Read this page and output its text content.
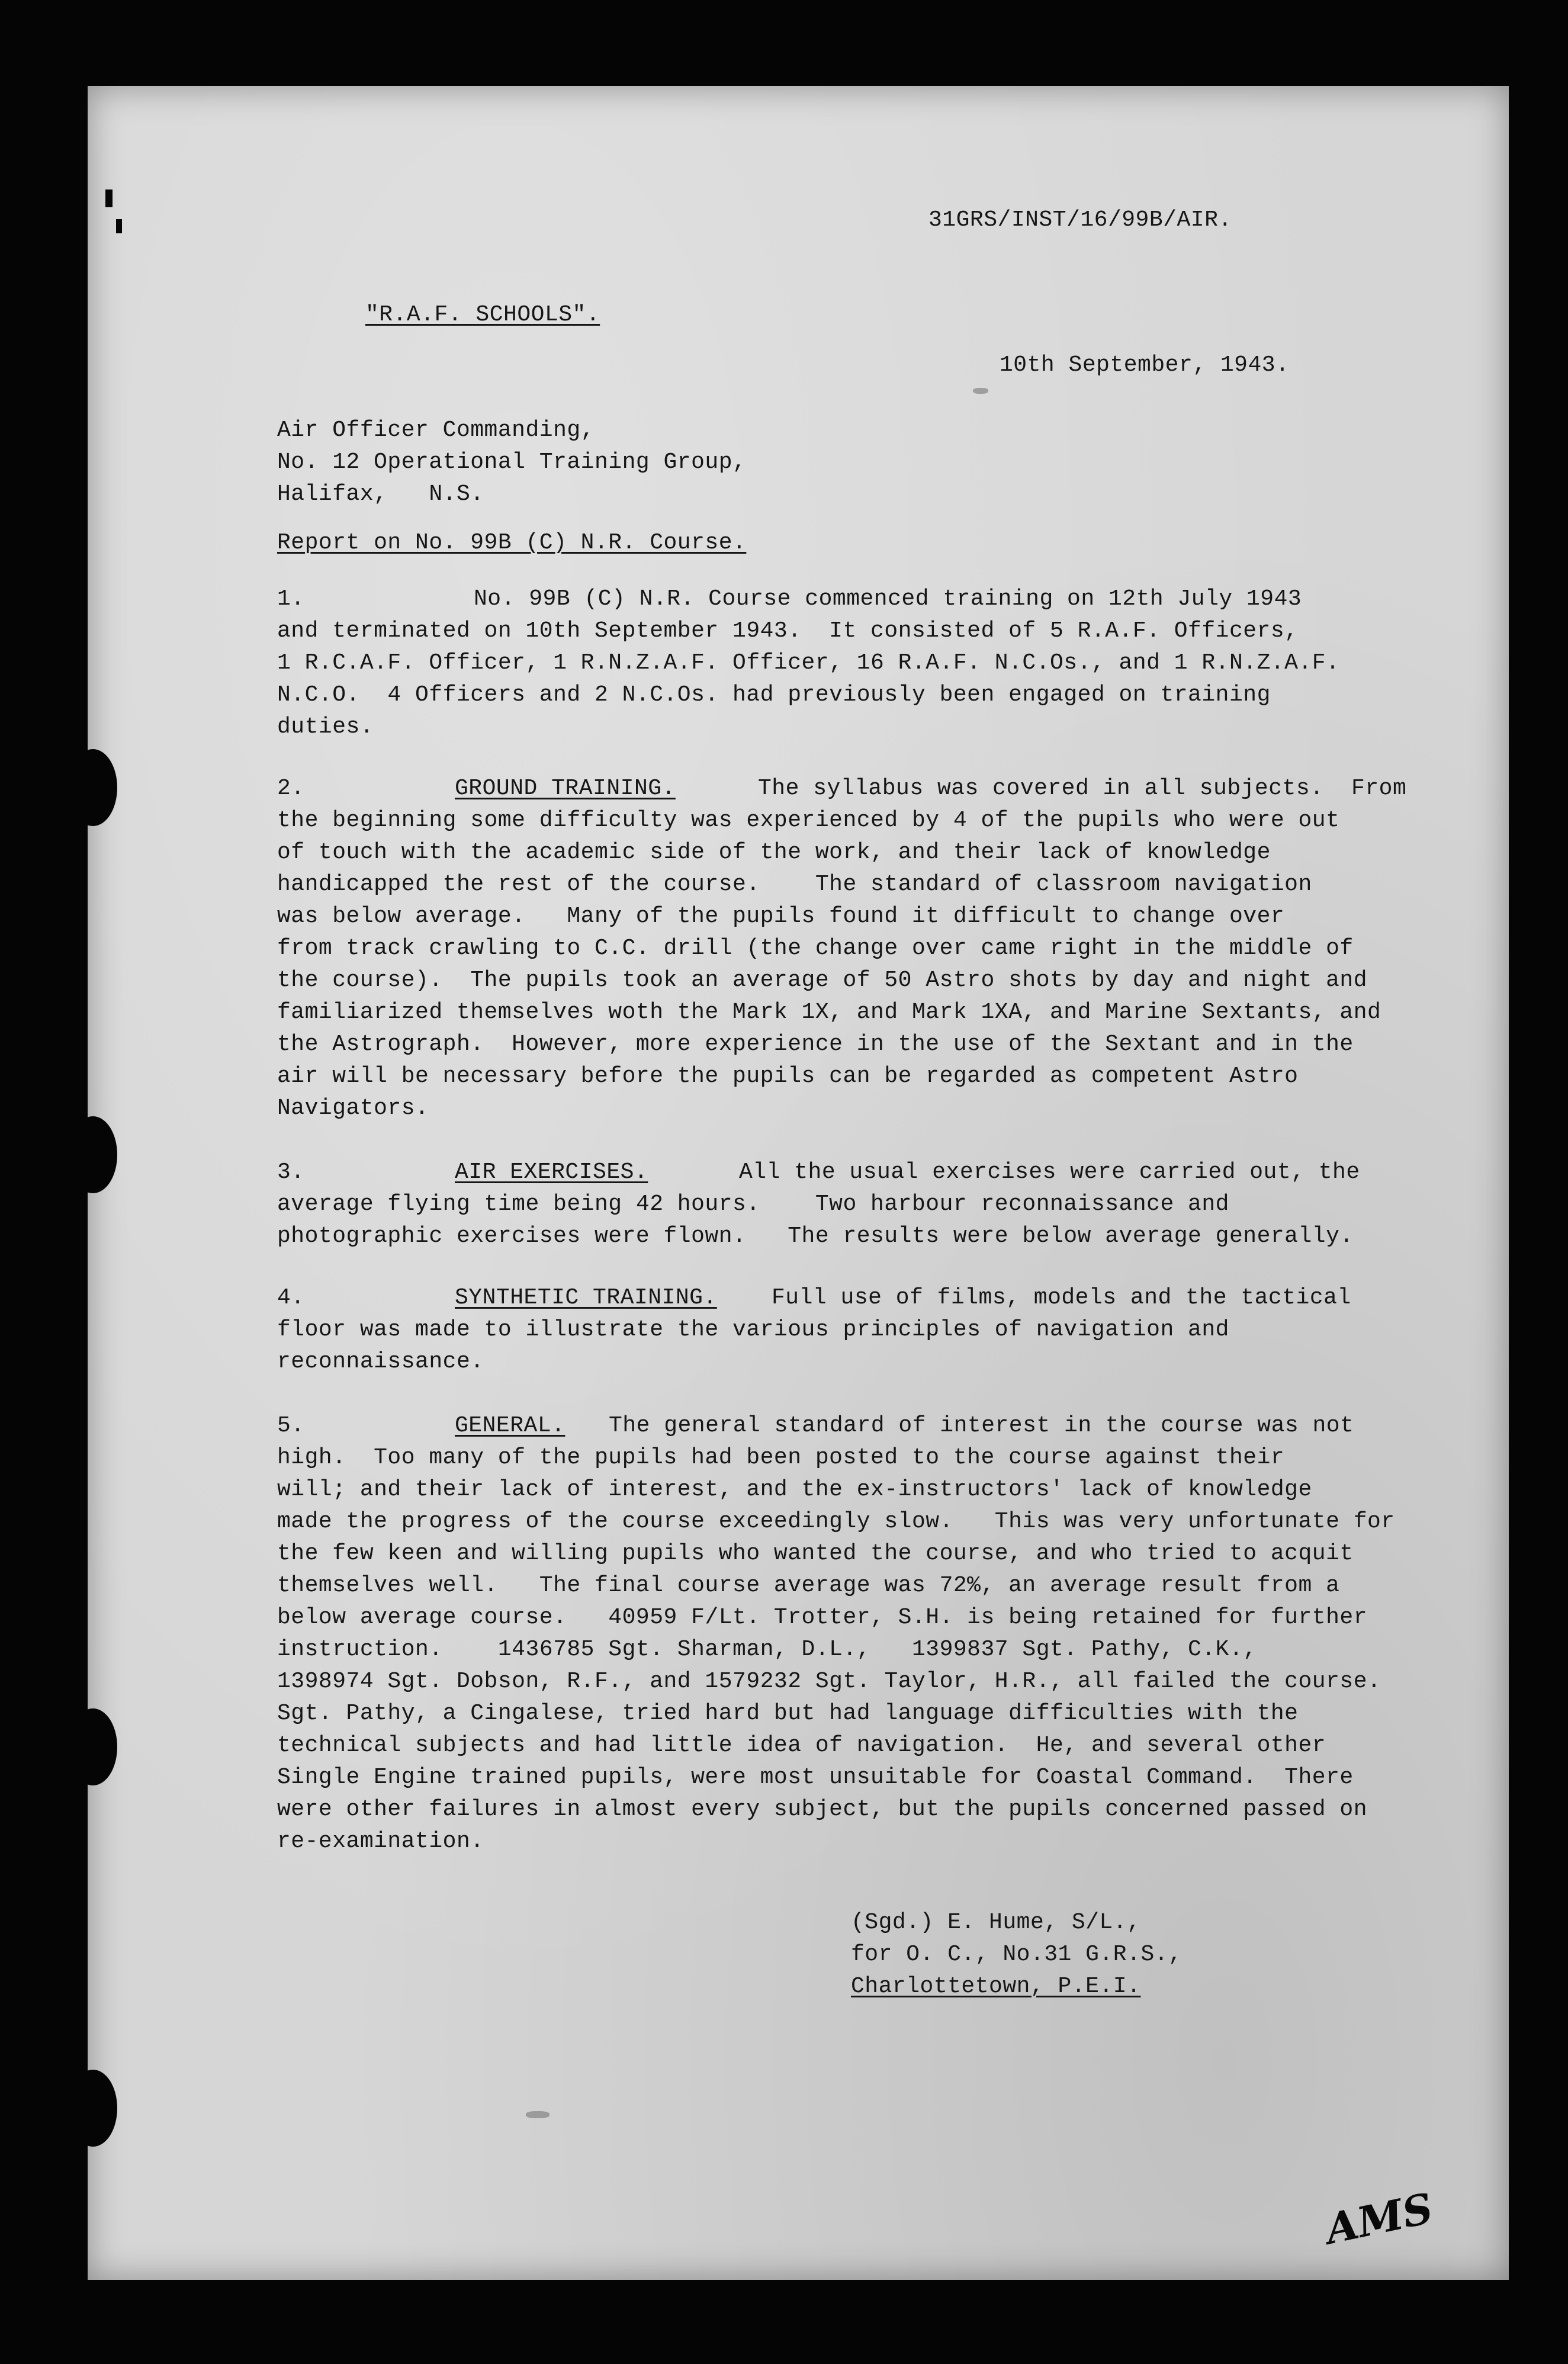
31GRS/INST/16/99B/AIR.
"R.A.F. SCHOOLS".
10th September, 1943.
Air Officer Commanding,
No. 12 Operational Training Group,
Halifax,   N.S.
Report on No. 99B (C) N.R. Course.
1.	No. 99B (C) N.R. Course commenced training on 12th July 1943
and terminated on 10th September 1943.  It consisted of 5 R.A.F. Officers,
1 R.C.A.F. Officer, 1 R.N.Z.A.F. Officer, 16 R.A.F. N.C.Os., and 1 R.N.Z.A.F.
N.C.O.  4 Officers and 2 N.C.Os. had previously been engaged on training
duties.
2.	GROUND TRAINING.	The syllabus was covered in all subjects.  From
the beginning some difficulty was experienced by 4 of the pupils who were out
of touch with the academic side of the work, and their lack of knowledge
handicapped the rest of the course.    The standard of classroom navigation
was below average.   Many of the pupils found it difficult to change over
from track crawling to C.C. drill (the change over came right in the middle of
the course).  The pupils took an average of 50 Astro shots by day and night and
familiarized themselves woth the Mark 1X, and Mark 1XA, and Marine Sextants, and
the Astrograph.  However, more experience in the use of the Sextant and in the
air will be necessary before the pupils can be regarded as competent Astro
Navigators.
3.	AIR EXERCISES.	All the usual exercises were carried out, the
average flying time being 42 hours.    Two harbour reconnaissance and
photographic exercises were flown.   The results were below average generally.
4.	SYNTHETIC TRAINING. Full use of films, models and the tactical
floor was made to illustrate the various principles of navigation and
reconnaissance.
5.	GENERAL. The general standard of interest in the course was not
high.  Too many of the pupils had been posted to the course against their
will; and their lack of interest, and the ex-instructors' lack of knowledge
made the progress of the course exceedingly slow.   This was very unfortunate for
the few keen and willing pupils who wanted the course, and who tried to acquit
themselves well.   The final course average was 72%, an average result from a
below average course.   40959 F/Lt. Trotter, S.H. is being retained for further
instruction.    1436785 Sgt. Sharman, D.L.,   1399837 Sgt. Pathy, C.K.,
1398974 Sgt. Dobson, R.F., and 1579232 Sgt. Taylor, H.R., all failed the course.
Sgt. Pathy, a Cingalese, tried hard but had language difficulties with the
technical subjects and had little idea of navigation.  He, and several other
Single Engine trained pupils, were most unsuitable for Coastal Command.  There
were other failures in almost every subject, but the pupils concerned passed on
re-examination.
(Sgd.) E. Hume, S/L.,
for O. C., No.31 G.R.S.,
Charlottetown, P.E.I.
AMS
